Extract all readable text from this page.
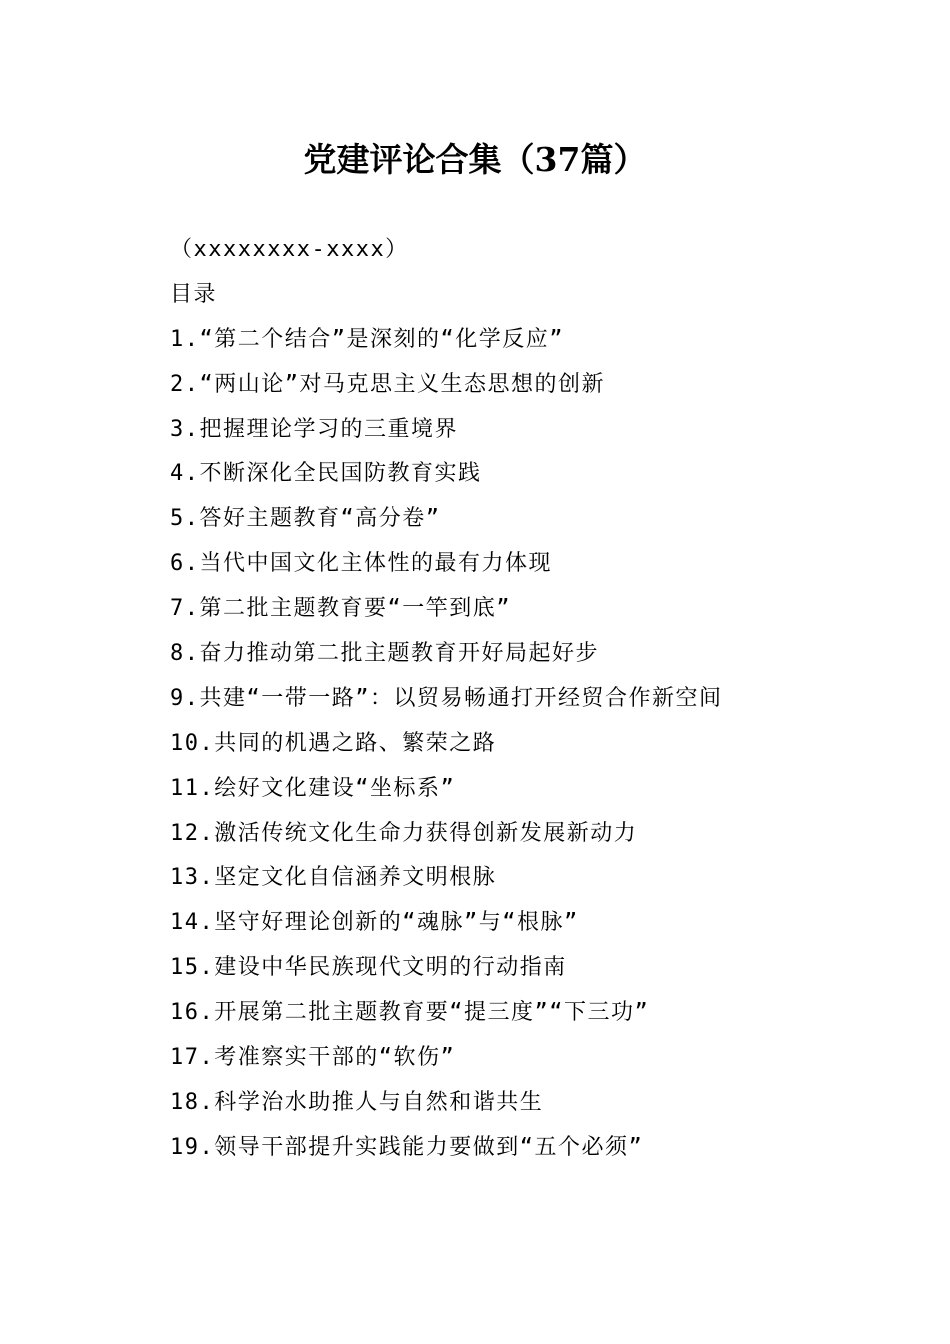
党建评论合集（37篇）
（xxxxxxxx-xxxx）
目录
1.“第二个结合”是深刻的“化学反应”
2.“两山论”对马克思主义生态思想的创新
3.把握理论学习的三重境界
4.不断深化全民国防教育实践
5.答好主题教育“高分卷”
6.当代中国文化主体性的最有力体现
7.第二批主题教育要“一竿到底”
8.奋力推动第二批主题教育开好局起好步
9.共建“一带一路”：以贸易畅通打开经贸合作新空间
10.共同的机遇之路、繁荣之路
11.绘好文化建设“坐标系”
12.激活传统文化生命力获得创新发展新动力
13.坚定文化自信涵养文明根脉
14.坚守好理论创新的“魂脉”与“根脉”
15.建设中华民族现代文明的行动指南
16.开展第二批主题教育要“提三度”“下三功”
17.考准察实干部的“软伤”
18.科学治水助推人与自然和谐共生
19.领导干部提升实践能力要做到“五个必须”
